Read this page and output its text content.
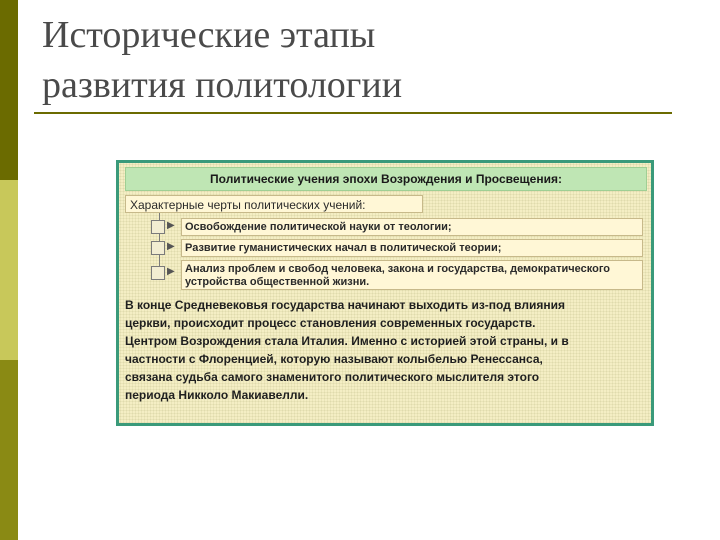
Исторические этапы
развития политологии
Политические учения эпохи Возрождения и Просвещения:
Характерные черты политических учений:
▶ Освобождение политической науки от теологии;
▶ Развитие гуманистических начал в политической теории;
▶ Анализ проблем и свобод человека, закона и государства, демократического устройства общественной жизни.
В конце Средневековья государства начинают выходить из-под влияния
церкви, происходит процесс становления современных государств.
Центром Возрождения стала Италия. Именно с историей этой страны, и в
частности с Флоренцией, которую называют колыбелью Ренессанса,
связана судьба самого знаменитого политического мыслителя этого
периода Никколо Макиавелли.
